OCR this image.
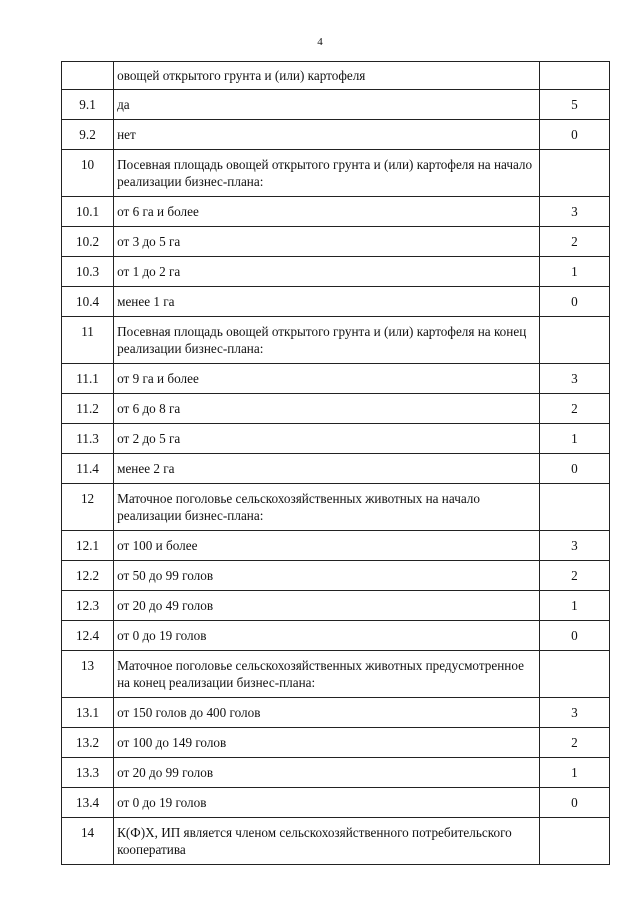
4
	овощей открытого грунта и (или) картофеля	
9.1	да	5
9.2	нет	0
10	Посевная площадь овощей открытого грунта и (или) картофеля на начало реализации бизнес-плана:	
10.1	от 6 га и более	3
10.2	от 3 до 5 га	2
10.3	от 1 до 2 га	1
10.4	менее 1 га	0
11	Посевная площадь овощей открытого грунта и (или) картофеля на конец реализации бизнес-плана:	
11.1	от 9 га и более	3
11.2	от 6 до 8 га	2
11.3	от 2 до 5 га	1
11.4	менее 2 га	0
12	Маточное поголовье сельскохозяйственных животных на начало реализации бизнес-плана:	
12.1	от 100 и более	3
12.2	от 50 до 99 голов	2
12.3	от 20 до 49 голов	1
12.4	от 0 до 19 голов	0
13	Маточное поголовье сельскохозяйственных животных предусмотренное на конец реализации бизнес-плана:	
13.1	от 150 голов до 400 голов	3
13.2	от 100 до 149 голов	2
13.3	от 20 до 99 голов	1
13.4	от 0 до 19 голов	0
14	К(Ф)Х, ИП является членом сельскохозяйственного потребительского кооператива	
